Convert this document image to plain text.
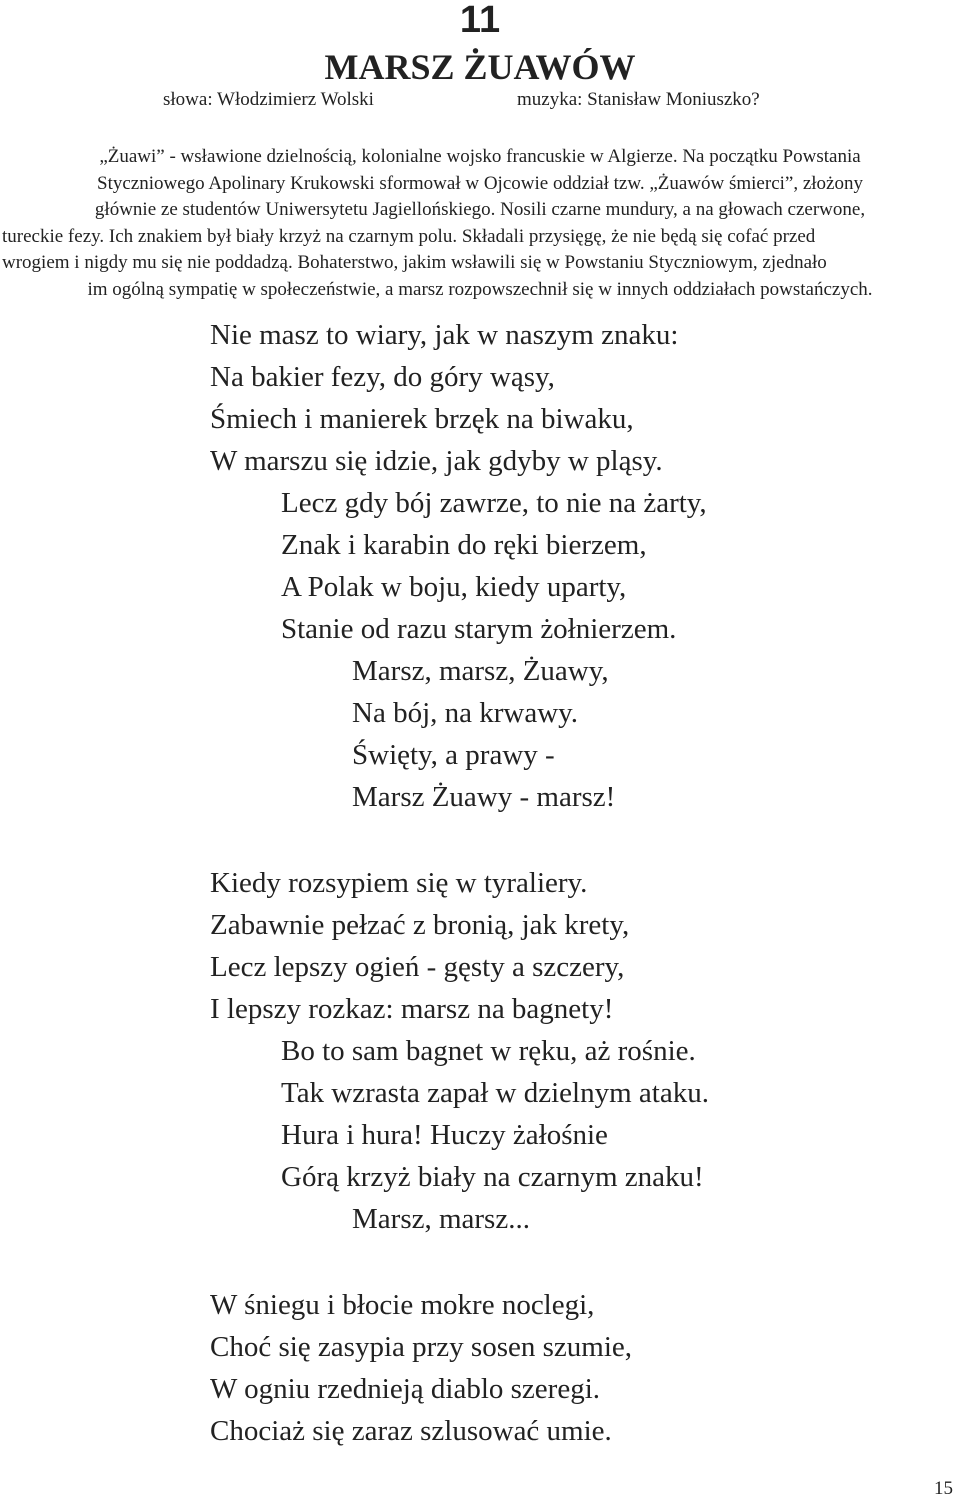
11
MARSZ ŻUAWÓW
słowa: Włodzimierz Wolski	muzyka: Stanisław Moniuszko?
„Żuawi” - wsławione dzielnością, kolonialne wojsko francuskie w Algierze. Na początku Powstania
Styczniowego Apolinary Krukowski sformował w Ojcowie oddział tzw. „Żuawów śmierci”, złożony
głównie ze studentów Uniwersytetu Jagiellońskiego. Nosili czarne mundury, a na głowach czerwone,
tureckie fezy. Ich znakiem był biały krzyż na czarnym polu. Składali przysięgę, że nie będą się cofać przed
wrogiem i nigdy mu się nie poddadzą. Bohaterstwo, jakim wsławili się w Powstaniu Styczniowym, zjednało
im ogólną sympatię w społeczeństwie, a marsz rozpowszechnił się w innych oddziałach powstańczych.
Nie masz to wiary, jak w naszym znaku:
Na bakier fezy, do góry wąsy,
Śmiech i manierek brzęk na biwaku,
W marszu się idzie, jak gdyby w pląsy.
Lecz gdy bój zawrze, to nie na żarty,
Znak i karabin do ręki bierzem,
A Polak w boju, kiedy uparty,
Stanie od razu starym żołnierzem.
Marsz, marsz, Żuawy,
Na bój, na krwawy.
Święty, a prawy -
Marsz Żuawy - marsz!
Kiedy rozsypiem się w tyraliery.
Zabawnie pełzać z bronią, jak krety,
Lecz lepszy ogień - gęsty a szczery,
I lepszy rozkaz: marsz na bagnety!
Bo to sam bagnet w ręku, aż rośnie.
Tak wzrasta zapał w dzielnym ataku.
Hura i hura! Huczy żałośnie
Górą krzyż biały na czarnym znaku!
Marsz, marsz...
W śniegu i błocie mokre noclegi,
Choć się zasypia przy sosen szumie,
W ogniu rzednieją diablo szeregi.
Chociaż się zaraz szlusować umie.
15
